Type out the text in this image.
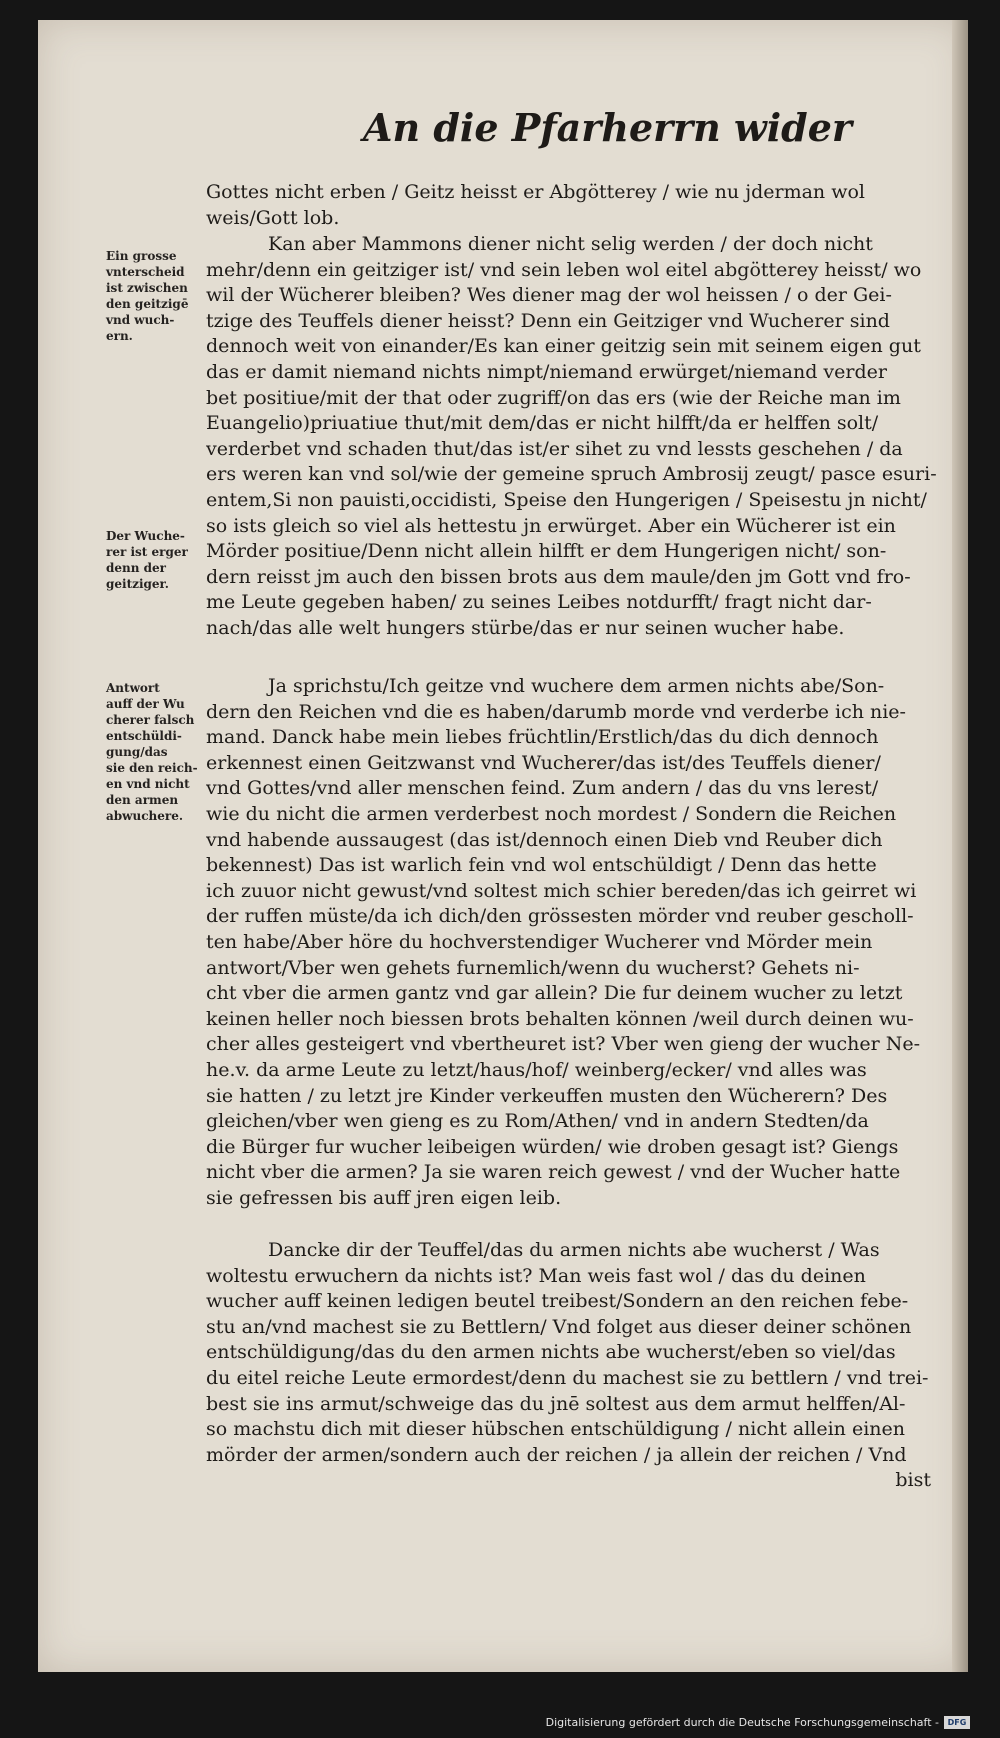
An die Pfarherrn wider
Ein grosse
vnterscheid
ist zwischen
den geitzigē
vnd wuch-
ern.
Der Wuche-
rer ist erger
denn der
geitziger.
Antwort
auff der Wu
cherer falsch
entschüldi-
gung/das
sie den reich-
en vnd nicht
den armen
abwuchere.
Gottes nicht erben / Geitz heisst er Abgötterey / wie nu jderman wol
weis/Gott lob.
Kan aber Mammons diener nicht selig werden / der doch nicht
mehr/denn ein geitziger ist/ vnd sein leben wol eitel abgötterey heisst/ wo
wil der Wücherer bleiben? Wes diener mag der wol heissen / o der Gei-
tzige des Teuffels diener heisst? Denn ein Geitziger vnd Wucherer sind
dennoch weit von einander/Es kan einer geitzig sein mit seinem eigen gut
das er damit niemand nichts nimpt/niemand erwürget/niemand verder
bet positiue/mit der that oder zugriff/on das ers (wie der Reiche man im
Euangelio)priuatiue thut/mit dem/das er nicht hilfft/da er helffen solt/
verderbet vnd schaden thut/das ist/er sihet zu vnd lessts geschehen / da
ers weren kan vnd sol/wie der gemeine spruch Ambrosij zeugt/ pasce esuri-
entem,Si non pauisti,occidisti, Speise den Hungerigen / Speisestu jn nicht/
so ists gleich so viel als hettestu jn erwürget. Aber ein Wücherer ist ein
Mörder positiue/Denn nicht allein hilfft er dem Hungerigen nicht/ son-
dern reisst jm auch den bissen brots aus dem maule/den jm Gott vnd fro-
me Leute gegeben haben/ zu seines Leibes notdurfft/ fragt nicht dar-
nach/das alle welt hungers stürbe/das er nur seinen wucher habe.
Ja sprichstu/Ich geitze vnd wuchere dem armen nichts abe/Son-
dern den Reichen vnd die es haben/darumb morde vnd verderbe ich nie-
mand. Danck habe mein liebes früchtlin/Erstlich/das du dich dennoch
erkennest einen Geitzwanst vnd Wucherer/das ist/des Teuffels diener/
vnd Gottes/vnd aller menschen feind. Zum andern / das du vns lerest/
wie du nicht die armen verderbest noch mordest / Sondern die Reichen
vnd habende aussaugest (das ist/dennoch einen Dieb vnd Reuber dich
bekennest) Das ist warlich fein vnd wol entschüldigt / Denn das hette
ich zuuor nicht gewust/vnd soltest mich schier bereden/das ich geirret wi
der ruffen müste/da ich dich/den grössesten mörder vnd reuber gescholl-
ten habe/Aber höre du hochverstendiger Wucherer vnd Mörder mein
antwort/Vber wen gehets furnemlich/wenn du wucherst? Gehets ni-
cht vber die armen gantz vnd gar allein? Die fur deinem wucher zu letzt
keinen heller noch biessen brots behalten können /weil durch deinen wu-
cher alles gesteigert vnd vbertheuret ist? Vber wen gieng der wucher Ne-
he.v. da arme Leute zu letzt/haus/hof/ weinberg/ecker/ vnd alles was
sie hatten / zu letzt jre Kinder verkeuffen musten den Wücherern? Des
gleichen/vber wen gieng es zu Rom/Athen/ vnd in andern Stedten/da
die Bürger fur wucher leibeigen würden/ wie droben gesagt ist? Giengs
nicht vber die armen? Ja sie waren reich gewest / vnd der Wucher hatte
sie gefressen bis auff jren eigen leib.
Dancke dir der Teuffel/das du armen nichts abe wucherst / Was
woltestu erwuchern da nichts ist? Man weis fast wol / das du deinen
wucher auff keinen ledigen beutel treibest/Sondern an den reichen febe-
stu an/vnd machest sie zu Bettlern/ Vnd folget aus dieser deiner schönen
entschüldigung/das du den armen nichts abe wucherst/eben so viel/das
du eitel reiche Leute ermordest/denn du machest sie zu bettlern / vnd trei-
best sie ins armut/schweige das du jnē soltest aus dem armut helffen/Al-
so machstu dich mit dieser hübschen entschüldigung / nicht allein einen
mörder der armen/sondern auch der reichen / ja allein der reichen / Vnd
bist
Digitalisierung gefördert durch die Deutsche Forschungsgemeinschaft -	DFG
